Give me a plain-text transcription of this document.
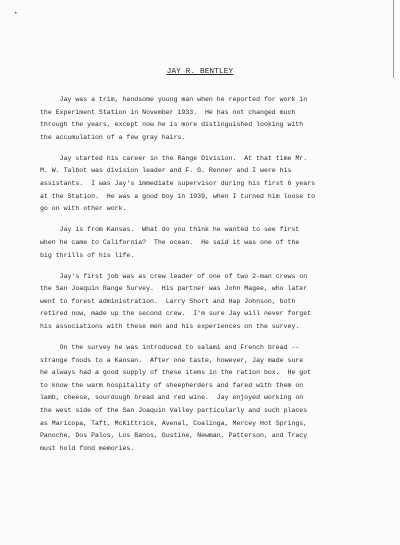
•
JAY R. BENTLEY
Jay was a trim, handsome young man when he reported for work in
the Experiment Station in November 1933.  He has not changed much
through the years, except now he is more distinguished looking with
the accumulation of a few gray hairs.
Jay started his career in the Range Division.  At that time Mr.
M. W. Talbot was division leader and F. G. Renner and I were his
assistants.  I was Jay's immediate supervisor during his first 6 years
at the Station.  He was a good boy in 1939, when I turned him loose to
go on with other work.
Jay is from Kansas.  What do you think he wanted to see first
when he came to California?  The ocean.  He said it was one of the
big thrills of his life.
Jay's first job was as crew leader of one of two 2-man crews on
the San Joaquin Range Survey.  His partner was John Magee, who later
went to forest administration.  Larry Short and Hap Johnson, both
retired now, made up the second crew.  I'm sure Jay will never forget
his associations with these men and his experiences on the survey.
On the survey he was introduced to salami and French bread --
strange foods to a Kansan.  After one taste, however, Jay made sure
he always had a good supply of these items in the ration box.  He got
to know the warm hospitality of sheepherders and fared with them on
lamb, cheese, sourdough bread and red wine.  Jay enjoyed working on
the west side of the San Joaquin Valley particularly and such places
as Maricopa, Taft, McKittrick, Avenal, Coalinga, Mercey Hot Springs,
Panoche, Dos Palos, Los Banos, Gustine, Newman, Patterson, and Tracy
must hold fond memories.
